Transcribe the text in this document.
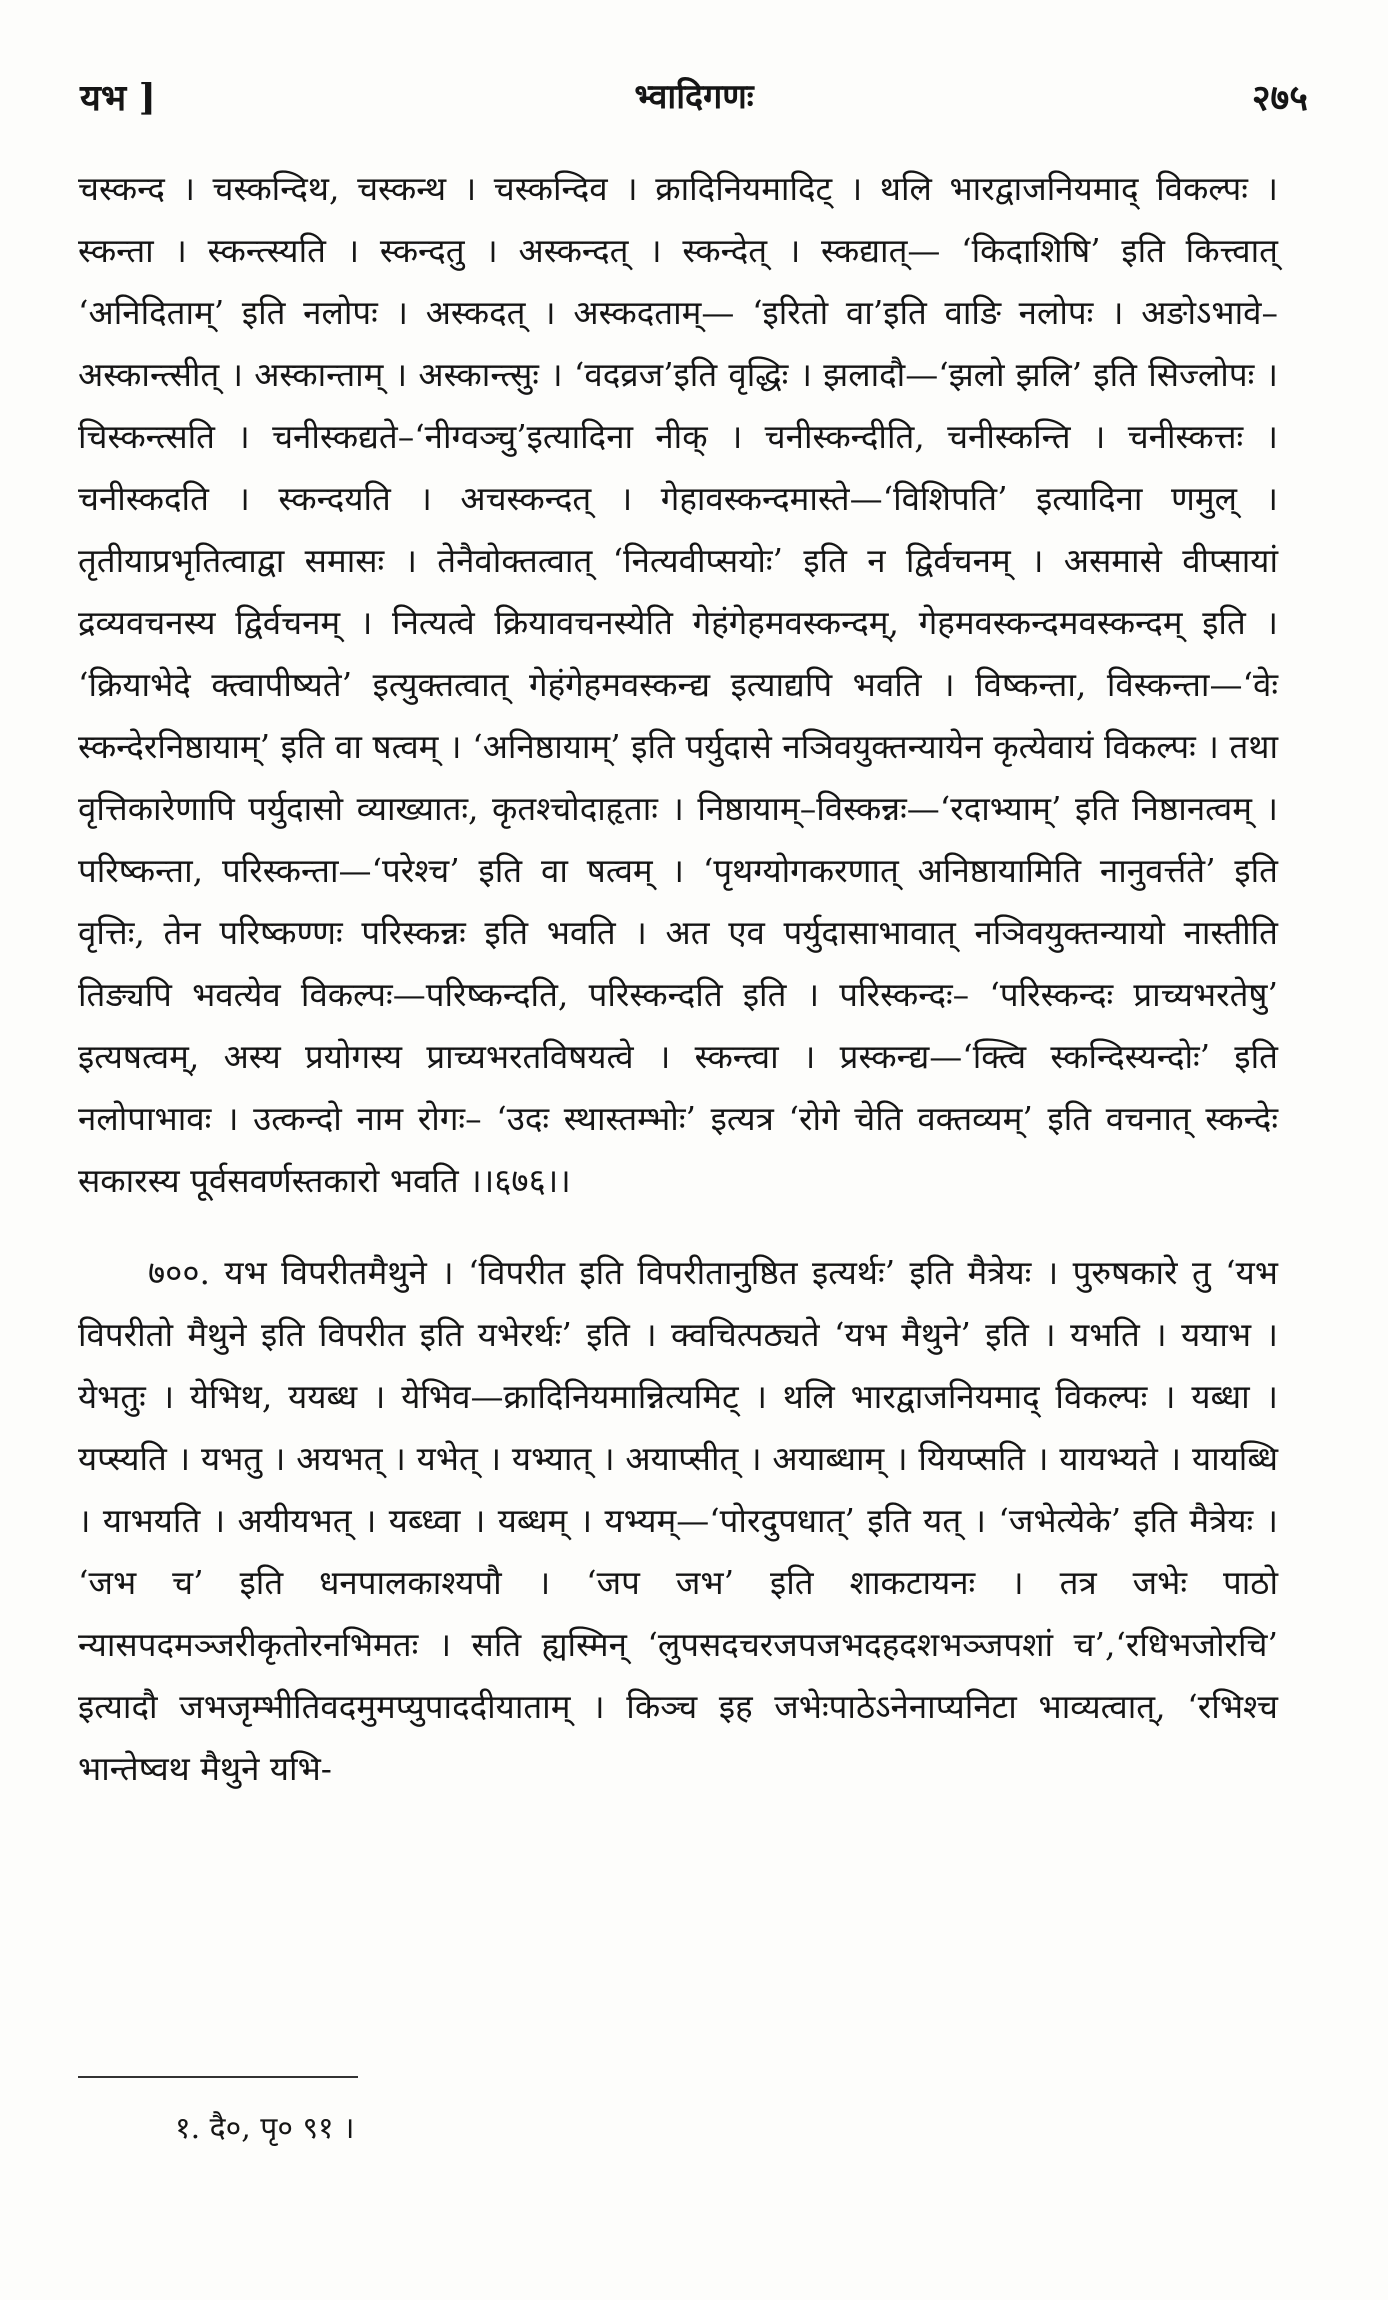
यभ ]	भ्वादिगणः	२७५

चस्कन्द । चस्कन्दिथ, चस्कन्थ । चस्कन्दिव । क्रादिनियमादिट् । थलि भारद्वाजनियमाद् विकल्पः । स्कन्ता । स्कन्त्स्यति । स्कन्दतु । अस्कन्दत् । स्कन्देत् । स्कद्यात्— ‘किदाशिषि’ इति कित्त्वात् ‘अनिदिताम्’ इति नलोपः । अस्कदत् । अस्कदताम्— ‘इरितो वा’इति वाङि नलोपः । अङोऽभावे–अस्कान्त्सीत् । अस्कान्ताम् । अस्कान्त्सुः । ‘वदव्रज’इति वृद्धिः । झलादौ—‘झलो झलि’ इति सिज्लोपः । चिस्कन्त्सति । चनीस्कद्यते–‘नीग्वञ्चु’इत्यादिना नीक् । चनीस्कन्दीति, चनीस्कन्ति । चनीस्कत्तः । चनीस्कदति । स्कन्दयति । अचस्कन्दत् । गेहावस्कन्दमास्ते—‘विशिपति’ इत्यादिना णमुल् । तृतीयाप्रभृतित्वाद्वा समासः । तेनैवोक्तत्वात् ‘नित्यवीप्सयोः’ इति न द्विर्वचनम् । असमासे वीप्सायां द्रव्यवचनस्य द्विर्वचनम् । नित्यत्वे क्रियावचनस्येति गेहंगेहमवस्कन्दम्, गेहमवस्कन्दमवस्कन्दम् इति । ‘क्रियाभेदे क्त्वापीष्यते’ इत्युक्तत्वात् गेहंगेहमवस्कन्द्य इत्याद्यपि भवति । विष्कन्ता, विस्कन्ता—‘वेः स्कन्देरनिष्ठायाम्’ इति वा षत्वम् । ‘अनिष्ठायाम्’ इति पर्युदासे नञिवयुक्तन्यायेन कृत्येवायं विकल्पः । तथा वृत्तिकारेणापि पर्युदासो व्याख्यातः, कृतश्चोदाहृताः । निष्ठायाम्–विस्कन्नः—‘रदाभ्याम्’ इति निष्ठानत्वम् । परिष्कन्ता, परिस्कन्ता—‘परेश्च’ इति वा षत्वम् । ‘पृथग्योगकरणात् अनिष्ठायामिति नानुवर्त्तते’ इति वृत्तिः, तेन परिष्कण्णः परिस्कन्नः इति भवति । अत एव पर्युदासाभावात् नञिवयुक्तन्यायो नास्तीति तिङ्यपि भवत्येव विकल्पः—परिष्कन्दति, परिस्कन्दति इति । परिस्कन्दः– ‘परिस्कन्दः प्राच्यभरतेषु’ इत्यषत्वम्, अस्य प्रयोगस्य प्राच्यभरतविषयत्वे । स्कन्त्वा । प्रस्कन्द्य—‘क्त्वि स्कन्दिस्यन्दोः’ इति नलोपाभावः । उत्कन्दो नाम रोगः– ‘उदः स्थास्तम्भोः’ इत्यत्र ‘रोगे चेति वक्तव्यम्’ इति वचनात् स्कन्देः सकारस्य पूर्वसवर्णस्तकारो भवति ।।६७६।।

७००. यभ विपरीतमैथुने । ‘विपरीत इति विपरीतानुष्ठित इत्यर्थः’ इति मैत्रेयः । पुरुषकारे तु ‘यभ विपरीतो मैथुने इति विपरीत इति यभेरर्थः’ इति । क्वचित्पठ्यते ‘यभ मैथुने’ इति । यभति । ययाभ । येभतुः । येभिथ, ययब्ध । येभिव—क्रादिनियमान्नित्यमिट् । थलि भारद्वाजनियमाद् विकल्पः । यब्धा । यप्स्यति । यभतु । अयभत् । यभेत् । यभ्यात् । अयाप्सीत् । अयाब्धाम् । यियप्सति । यायभ्यते । यायब्धि । याभयति । अयीयभत् । यब्ध्वा । यब्धम् । यभ्यम्—‘पोरदुपधात्’ इति यत् । ‘जभेत्येके’ इति मैत्रेयः । ‘जभ च’ इति धनपालकाश्यपौ । ‘जप जभ’ इति शाकटायनः । तत्र जभेः पाठो न्यासपदमञ्जरीकृतोरनभिमतः । सति ह्यस्मिन् ‘लुपसदचरजपजभदहदशभञ्जपशां च’,‘रधिभजोरचि’ इत्यादौ जभजृम्भीतिवदमुमप्युपाददीयाताम् । किञ्च इह जभेःपाठेऽनेनाप्यनिटा भाव्यत्वात्, ‘रभिश्च भान्तेष्वथ मैथुने यभि-

१. दै०, पृ० ९१ ।
